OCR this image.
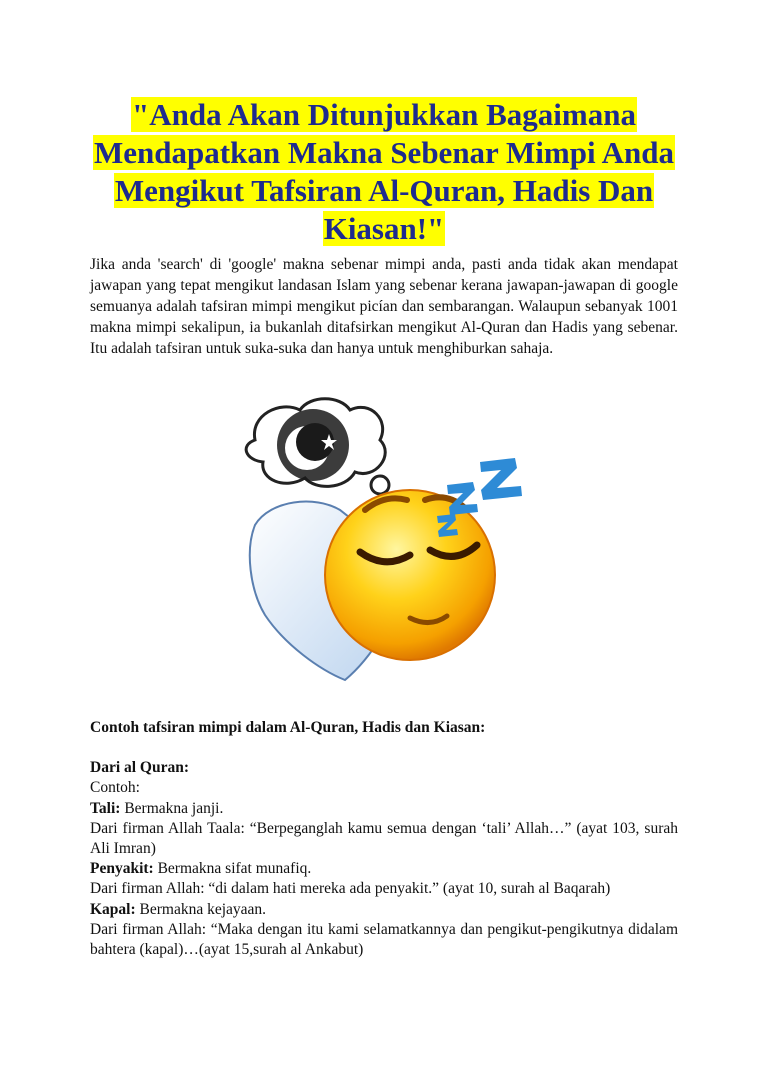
"Anda Akan Ditunjukkan Bagaimana Mendapatkan Makna Sebenar Mimpi Anda Mengikut Tafsiran Al-Quran, Hadis Dan Kiasan!"

Jika anda 'search' di 'google' makna sebenar mimpi anda, pasti anda tidak akan mendapat jawapan yang tepat mengikut landasan Islam yang sebenar kerana jawapan-jawapan di google semuanya adalah tafsiran mimpi mengikut picían dan sembarangan. Walaupun sebanyak 1001 makna mimpi sekalipun, ia bukanlah ditafsirkan mengikut Al-Quran dan Hadis yang sebenar. Itu adalah tafsiran untuk suka-suka dan hanya untuk menghiburkan sahaja.

Contoh tafsiran mimpi dalam Al-Quran, Hadis dan Kiasan:

Dari al Quran:

Contoh:

Tali: Bermakna janji.

Dari firman Allah Taala: “Berpeganglah kamu semua dengan ‘tali’ Allah…” (ayat 103, surah Ali Imran)

Penyakit: Bermakna sifat munafiq.

Dari firman Allah: “di dalam hati mereka ada penyakit.” (ayat 10, surah al Baqarah)

Kapal: Bermakna kejayaan.

Dari firman Allah: “Maka dengan itu kami selamatkannya dan pengikut-pengikutnya didalam bahtera (kapal)…(ayat 15,surah al Ankabut)
